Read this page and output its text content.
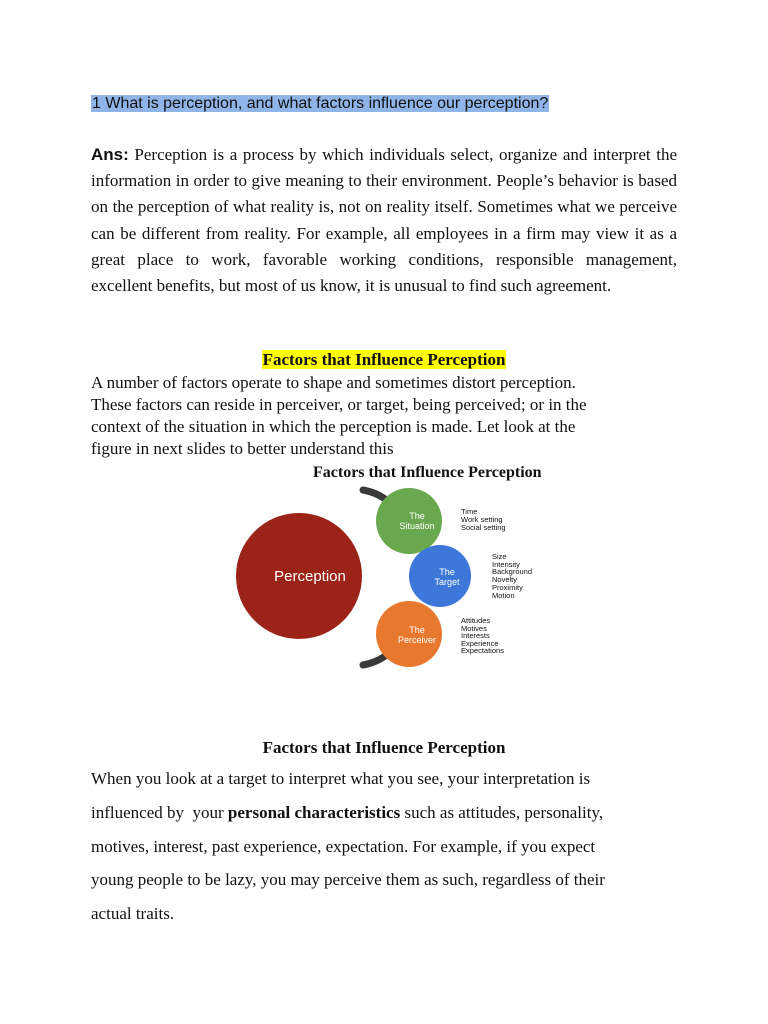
1 What is perception, and what factors influence our perception?
Ans: Perception is a process by which individuals select, organize and interpret the information in order to give meaning to their environment. People’s behavior is based on the perception of what reality is, not on reality itself. Sometimes what we perceive can be different from reality. For example, all employees in a firm may view it as a great place to work, favorable working conditions, responsible management, excellent benefits, but most of us know, it is unusual to find such agreement.
Factors that Influence Perception
A number of factors operate to shape and sometimes distort perception.
These factors can reside in perceiver, or target, being perceived; or in the
context of the situation in which the perception is made. Let look at the
figure in next slides to better understand this
Factors that Influence Perception
Perception
The
Situation
The
Target
The
Perceiver
Time
Work setting
Social setting
Size
Intensity
Background
Novelty
Proximity
Motion
Attitudes
Motives
Interests
Experience
Expectations
Factors that Influence Perception
When you look at a target to interpret what you see, your interpretation is
influenced by  your personal characteristics such as attitudes, personality,
motives, interest, past experience, expectation. For example, if you expect
young people to be lazy, you may perceive them as such, regardless of their
actual traits.
